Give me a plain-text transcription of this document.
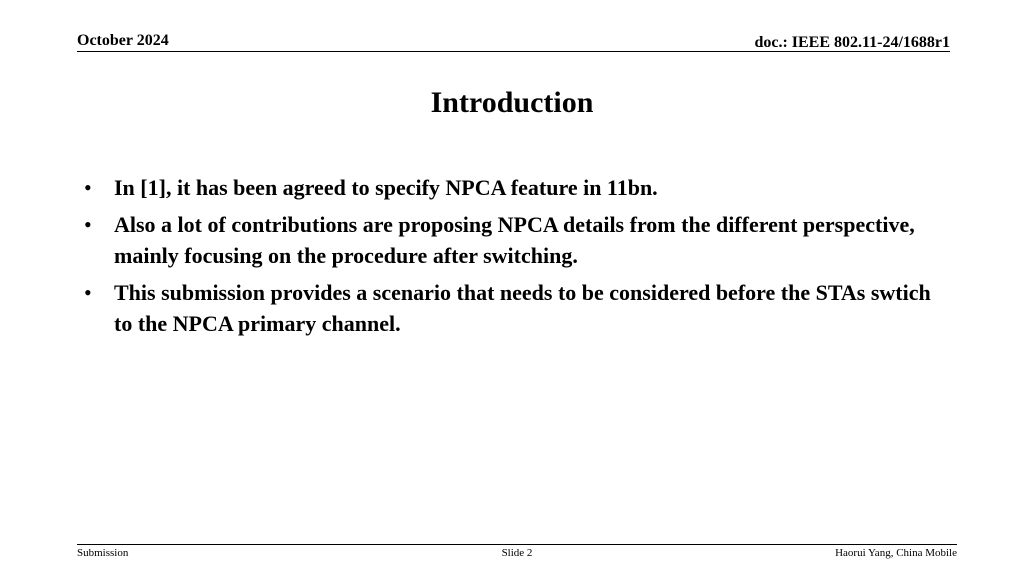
October 2024	doc.: IEEE 802.11-24/1688r1
Introduction
• In [1], it has been agreed to specify NPCA feature in 11bn.
• Also a lot of contributions are proposing NPCA details from the different perspective, mainly focusing on the procedure after switching.
• This submission provides a scenario that needs to be considered before the STAs swtich to the NPCA primary channel.
Submission	Slide 2	Haorui Yang, China Mobile
